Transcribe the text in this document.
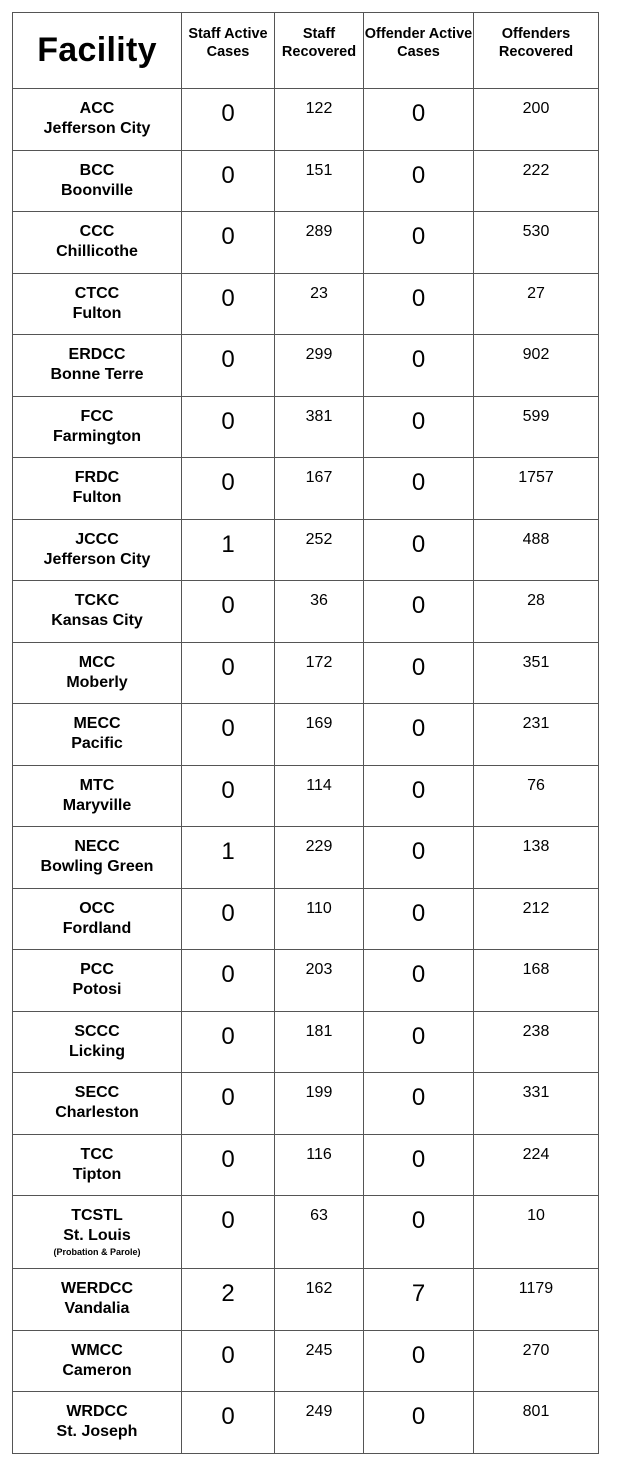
Facility	Staff Active Cases	Staff Recovered	Offender Active Cases	Offenders Recovered

ACC
Jefferson City	0	122	0	200

BCC
Boonville	0	151	0	222

CCC
Chillicothe	0	289	0	530

CTCC
Fulton	0	23	0	27

ERDCC
Bonne Terre	0	299	0	902

FCC
Farmington	0	381	0	599

FRDC
Fulton	0	167	0	1757

JCCC
Jefferson City	1	252	0	488

TCKC
Kansas City	0	36	0	28

MCC
Moberly	0	172	0	351

MECC
Pacific	0	169	0	231

MTC
Maryville	0	114	0	76

NECC
Bowling Green	1	229	0	138

OCC
Fordland	0	110	0	212

PCC
Potosi	0	203	0	168

SCCC
Licking	0	181	0	238

SECC
Charleston	0	199	0	331

TCC
Tipton	0	116	0	224

TCSTL
St. Louis
(Probation & Parole)	0	63	0	10

WERDCC
Vandalia	2	162	7	1179

WMCC
Cameron	0	245	0	270

WRDCC
St. Joseph	0	249	0	801
